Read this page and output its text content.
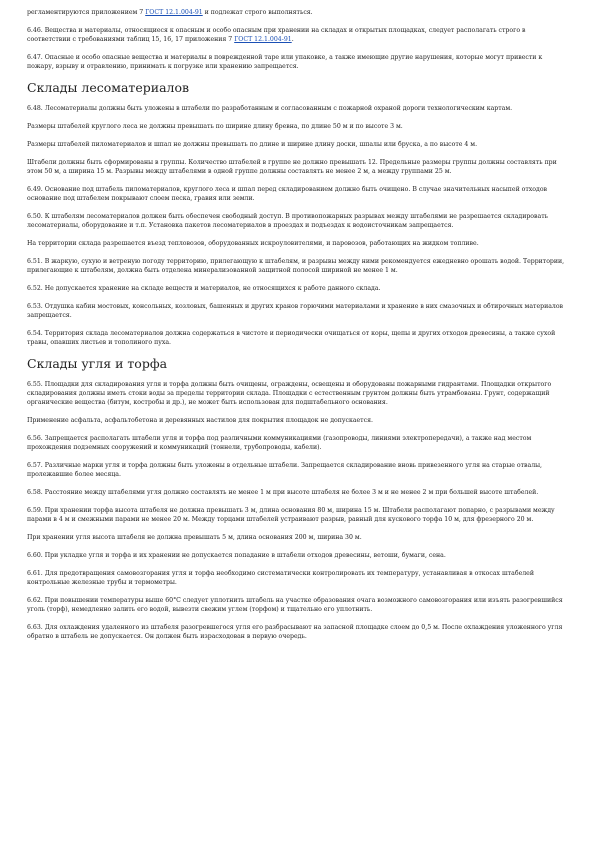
регламентируются приложением 7 ГОСТ 12.1.004-91 и подлежат строго выполняться.

6.46. Вещества и материалы, относящиеся к опасным и особо опасным при хранении на складах и открытых площадках, следует располагать строго в соответствии с требованиями таблиц 15, 16, 17 приложения 7 ГОСТ 12.1.004-91.

6.47. Опасные и особо опасные вещества и материалы в поврежденной таре или упаковке, а также имеющие другие нарушения, которые могут привести к пожару, взрыву и отравлению, принимать к погрузке или хранению запрещается.

Склады лесоматериалов

6.48. Лесоматериалы должны быть уложены в штабели по разработанным и согласованным с пожарной охраной дороги технологическим картам.

Размеры штабелей круглого леса не должны превышать по ширине длину бревна, по длине 50 м и по высоте 3 м.

Размеры штабелей пиломатериалов и шпал не должны превышать по длине и ширине длину доски, шпалы или бруска, а по высоте 4 м.

Штабели должны быть сформированы в группы. Количество штабелей в группе не должно превышать 12. Предельные размеры группы должны составлять при этом 50 м, а ширина 15 м. Разрывы между штабелями в одной группе должны составлять не менее 2 м, а между группами 25 м.

6.49. Основание под штабель пиломатериалов, круглого леса и шпал перед складированием должно быть очищено. В случае значительных насыпей отходов основание под штабелем покрывают слоем песка, гравия или земли.

6.50. К штабелям лесоматериалов должен быть обеспечен свободный доступ. В противопожарных разрывах между штабелями не разрешается складировать лесоматериалы, оборудование и т.п. Установка пакетов лесоматериалов в проездах и подъездах к водоисточникам запрещается.

На территории склада разрешается въезд тепловозов, оборудованных искроуловителями, и паровозов, работающих на жидком топливе.

6.51. В жаркую, сухую и ветреную погоду территорию, прилегающую к штабелям, и разрывы между ними рекомендуется ежедневно орошать водой. Территории, прилегающие к штабелям, должна быть отделена минерализованной защитной полосой шириной не менее 1 м.

6.52. Не допускается хранение на складе веществ и материалов, не относящихся к работе данного склада.

6.53. Отдушка кабин мостовых, консольных, козловых, башенных и других кранов горючими материалами и хранение в них смазочных и обтирочных материалов запрещается.

6.54. Территория склада лесоматериалов должна содержаться в чистоте и периодически очищаться от коры, щепы и других отходов древесины, а также сухой травы, опавших листьев и тополиного пуха.

Склады угля и торфа

6.55. Площадки для складирования угля и торфа должны быть очищены, ограждены, освещены и оборудованы пожарными гидрантами. Площадки открытого складирования должны иметь стоки воды за пределы территории склада. Площадки с естественным грунтом должны быть утрамбованы. Грунт, содержащий органические вещества (битум, костробы и др.), не может быть использован для подштабельного основания.

Применение асфальта, асфальтобетона и деревянных настилов для покрытия площадок не допускается.

6.56. Запрещается располагать штабели угля и торфа под различными коммуникациями (газопроводы, линиями электропередачи), а также над местом прохождения подземных сооружений и коммуникаций (тоннели, трубопроводы, кабели).

6.57. Различные марки угля и торфа должны быть уложены в отдельные штабели. Запрещается складирование вновь привезенного угля на старые отвалы, пролежавшие более месяца.

6.58. Расстояние между штабелями угля должно составлять не менее 1 м при высоте штабеля не более 3 м и не менее 2 м при большей высоте штабелей.

6.59. При хранении торфа высота штабеля не должна превышать 3 м, длина основания 80 м, ширина 15 м. Штабели располагают попарно, с разрывами между парами в 4 м и смежными парами не менее 20 м. Между торцами штабелей устраивают разрыв, равный для кускового торфа 10 м, для фрезерного 20 м.

При хранении угля высота штабеля не должна превышать 5 м, длина основания 200 м, ширина 30 м.

6.60. При укладке угля и торфа и их хранении не допускается попадание в штабели отходов древесины, ветоши, бумаги, сена.

6.61. Для предотвращения самовозгорания угля и торфа необходимо систематически контролировать их температуру, устанавливая в откосах штабелей контрольные железные трубы и термометры.

6.62. При повышении температуры выше 60°С следует уплотнить штабель на участке образования очага возможного самовозгорания или изъять разогревшийся уголь (торф), немедленно залить его водой, вывезти свежим углем (торфом) и тщательно его уплотнить.

6.63. Для охлаждения удаленного из штабеля разогревшегося угля его разбрасывают на запасной площадке слоем до 0,5 м. После охлаждения уложенного угля обратно в штабель не допускается. Он должен быть израсходован в первую очередь.
